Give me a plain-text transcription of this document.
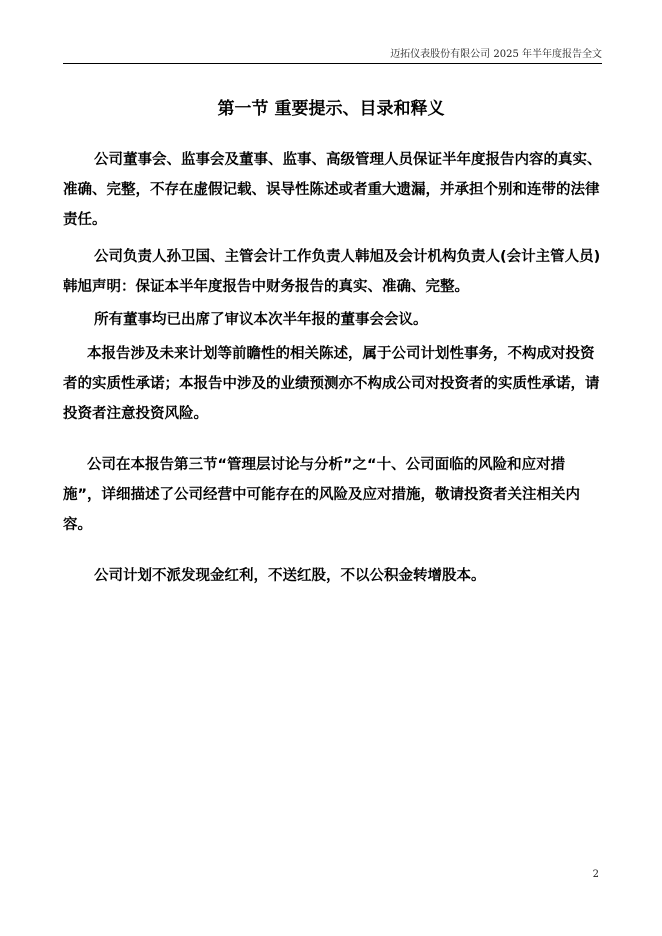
迈拓仪表股份有限公司 2025 年半年度报告全文
第一节 重要提示、目录和释义

公司董事会、监事会及董事、监事、高级管理人员保证半年度报告内容的真实、准确、完整，不存在虚假记载、误导性陈述或者重大遗漏，并承担个别和连带的法律责任。

公司负责人孙卫国、主管会计工作负责人韩旭及会计机构负责人(会计主管人员)韩旭声明：保证本半年度报告中财务报告的真实、准确、完整。

所有董事均已出席了审议本次半年报的董事会会议。

本报告涉及未来计划等前瞻性的相关陈述，属于公司计划性事务，不构成对投资者的实质性承诺；本报告中涉及的业绩预测亦不构成公司对投资者的实质性承诺，请投资者注意投资风险。

公司在本报告第三节“管理层讨论与分析”之“十、公司面临的风险和应对措施”，详细描述了公司经营中可能存在的风险及应对措施，敬请投资者关注相关内容。

公司计划不派发现金红利，不送红股，不以公积金转增股本。

2
